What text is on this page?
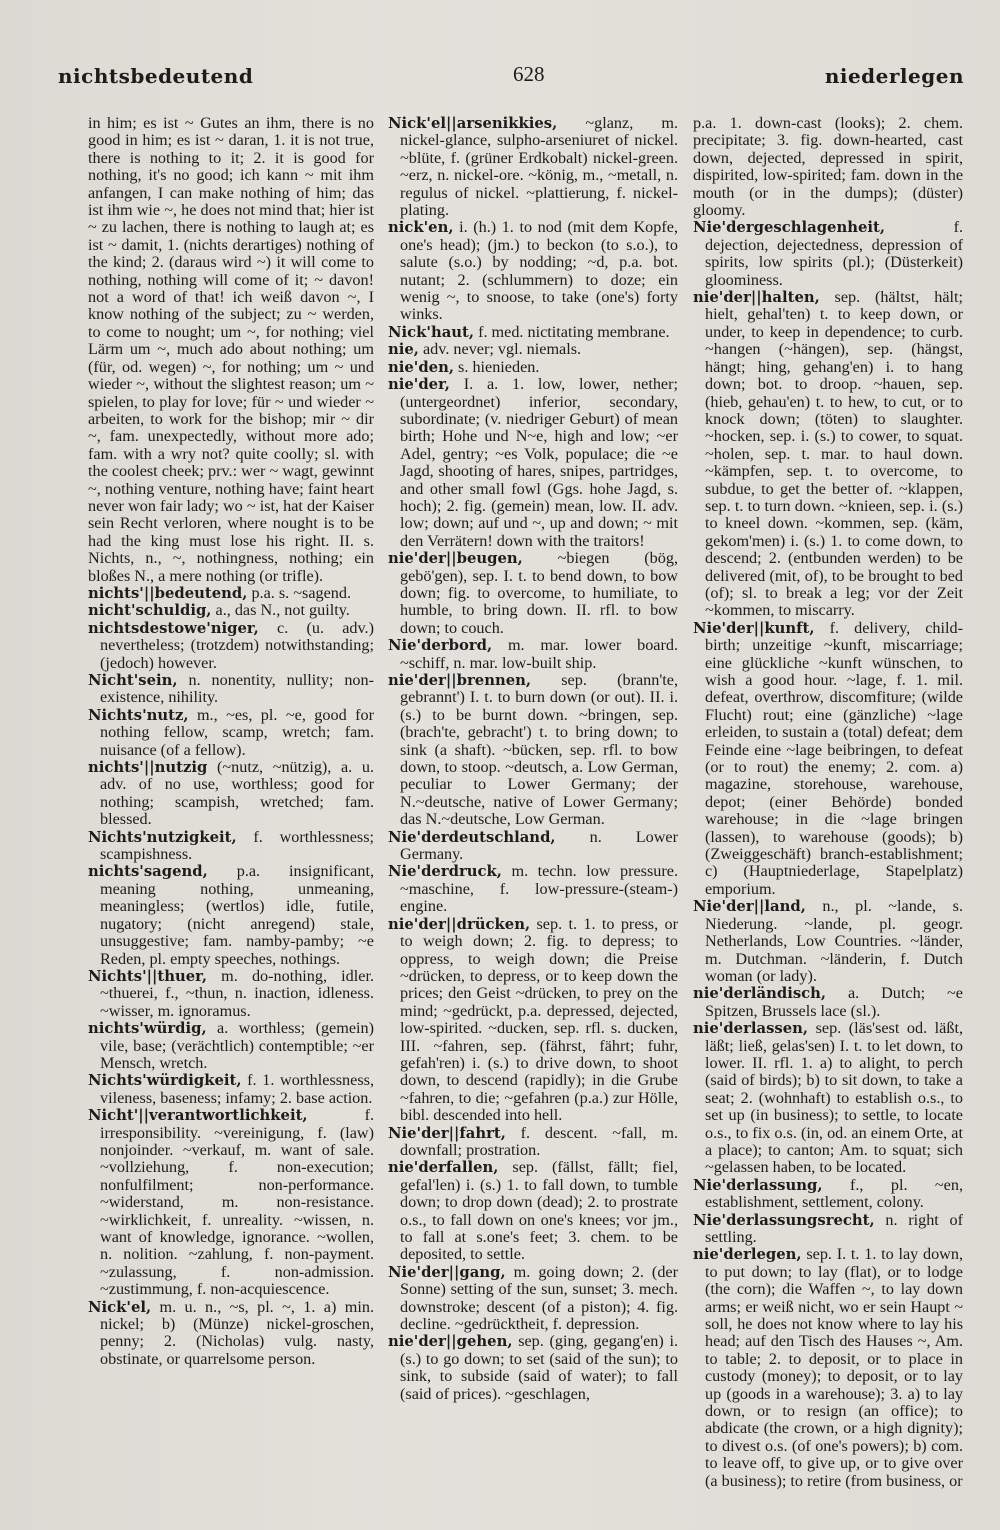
nichtsbedeutend	628	niederlegen

in him; es ist ~ Gutes an ihm, there is no good in him; es ist ~ daran, 1. it is not true, there is nothing to it; 2. it is good for nothing, it's no good; ich kann ~ mit ihm anfangen, I can make nothing of him; das ist ihm wie ~, he does not mind that; hier ist ~ zu lachen, there is nothing to laugh at; es ist ~ damit, 1. (nichts derartiges) nothing of the kind; 2. (daraus wird ~) it will come to nothing, nothing will come of it; ~ davon! not a word of that! ich weiß davon ~, I know nothing of the subject; zu ~ werden, to come to nought; um ~, for nothing; viel Lärm um ~, much ado about nothing; um (für, od. wegen) ~, for nothing; um ~ und wieder ~, without the slightest reason; um ~ spielen, to play for love; für ~ und wieder ~ arbeiten, to work for the bishop; mir ~ dir ~, fam. unexpectedly, without more ado; fam. with a wry not? quite coolly; sl. with the coolest cheek; prv.: wer ~ wagt, gewinnt ~, nothing venture, nothing have; faint heart never won fair lady; wo ~ ist, hat der Kaiser sein Recht verloren, where nought is to be had the king must lose his right. II. s. Nichts, n., ~, nothingness, nothing; ein bloßes N., a mere nothing (or trifle).

nichts'||bedeutend, p.a. s. ~sagend.

nicht'schuldig, a., das N., not guilty.

nichtsdestowe'niger, c. (u. adv.) nevertheless; (trotzdem) notwithstanding; (jedoch) however.

Nicht'sein, n. nonentity, nullity; non-existence, nihility.

Nichts'nutz, m., ~es, pl. ~e, good for nothing fellow, scamp, wretch; fam. nuisance (of a fellow).

nichts'||nutzig (~nutz, ~nützig), a. u. adv. of no use, worthless; good for nothing; scampish, wretched; fam. blessed.

Nichts'nutzigkeit, f. worthlessness; scampishness.

nichts'sagend, p.a. insignificant, meaning nothing, unmeaning, meaningless; (wertlos) idle, futile, nugatory; (nicht anregend) stale, unsuggestive; fam. namby-pamby; ~e Reden, pl. empty speeches, nothings.

Nichts'||thuer, m. do-nothing, idler. ~thuerei, f., ~thun, n. inaction, idleness. ~wisser, m. ignoramus.

nichts'würdig, a. worthless; (gemein) vile, base; (verächtlich) contemptible; ~er Mensch, wretch.

Nichts'würdigkeit, f. 1. worthlessness, vileness, baseness; infamy; 2. base action.

Nicht'||verantwortlichkeit, f. irresponsibility. ~vereinigung, f. (law) nonjoinder. ~verkauf, m. want of sale. ~vollziehung, f. non-execution; nonfulfilment; non-performance. ~widerstand, m. non-resistance. ~wirklichkeit, f. unreality. ~wissen, n. want of knowledge, ignorance. ~wollen, n. nolition. ~zahlung, f. non-payment. ~zulassung, f. non-admission. ~zustimmung, f. non-acquiescence.

Nick'el, m. u. n., ~s, pl. ~, 1. a) min. nickel; b) (Münze) nickel-groschen, penny; 2. (Nicholas) vulg. nasty, obstinate, or quarrelsome person.

Nick'el||arsenikkies, ~glanz, m. nickel-glance, sulpho-arseniuret of nickel. ~blüte, f. (grüner Erdkobalt) nickel-green. ~erz, n. nickel-ore. ~könig, m., ~metall, n. regulus of nickel. ~plattierung, f. nickel-plating.

nick'en, i. (h.) 1. to nod (mit dem Kopfe, one's head); (jm.) to beckon (to s.o.), to salute (s.o.) by nodding; ~d, p.a. bot. nutant; 2. (schlummern) to doze; ein wenig ~, to snoose, to take (one's) forty winks.

Nick'haut, f. med. nictitating membrane.

nie, adv. never; vgl. niemals.

nie'den, s. hienieden.

nie'der, I. a. 1. low, lower, nether; (untergeordnet) inferior, secondary, subordinate; (v. niedriger Geburt) of mean birth; Hohe und N~e, high and low; ~er Adel, gentry; ~es Volk, populace; die ~e Jagd, shooting of hares, snipes, partridges, and other small fowl (Ggs. hohe Jagd, s. hoch); 2. fig. (gemein) mean, low. II. adv. low; down; auf und ~, up and down; ~ mit den Verrätern! down with the traitors!

nie'der||beugen, ~biegen (bög, gebö'gen), sep. I. t. to bend down, to bow down; fig. to overcome, to humiliate, to humble, to bring down. II. rfl. to bow down; to couch.

Nie'derbord, m. mar. lower board. ~schiff, n. mar. low-built ship.

nie'der||brennen, sep. (brann'te, gebrannt') I. t. to burn down (or out). II. i. (s.) to be burnt down. ~bringen, sep. (brach'te, gebracht') t. to bring down; to sink (a shaft). ~bücken, sep. rfl. to bow down, to stoop. ~deutsch, a. Low German, peculiar to Lower Germany; der N.~deutsche, native of Lower Germany; das N.~deutsche, Low German.

Nie'derdeutschland, n. Lower Germany.

Nie'derdruck, m. techn. low pressure. ~maschine, f. low-pressure-(steam-) engine.

nie'der||drücken, sep. t. 1. to press, or to weigh down; 2. fig. to depress; to oppress, to weigh down; die Preise ~drücken, to depress, or to keep down the prices; den Geist ~drücken, to prey on the mind; ~gedrückt, p.a. depressed, dejected, low-spirited. ~ducken, sep. rfl. s. ducken, III. ~fahren, sep. (fährst, fährt; fuhr, gefah'ren) i. (s.) to drive down, to shoot down, to descend (rapidly); in die Grube ~fahren, to die; ~gefahren (p.a.) zur Hölle, bibl. descended into hell.

Nie'der||fahrt, f. descent. ~fall, m. downfall; prostration.

nie'derfallen, sep. (fällst, fällt; fiel, gefal'len) i. (s.) 1. to fall down, to tumble down; to drop down (dead); 2. to prostrate o.s., to fall down on one's knees; vor jm., to fall at s.one's feet; 3. chem. to be deposited, to settle.

Nie'der||gang, m. going down; 2. (der Sonne) setting of the sun, sunset; 3. mech. downstroke; descent (of a piston); 4. fig. decline. ~gedrücktheit, f. depression.

nie'der||gehen, sep. (ging, gegang'en) i. (s.) to go down; to set (said of the sun); to sink, to subside (said of water); to fall (said of prices). ~geschlagen,

p.a. 1. down-cast (looks); 2. chem. precipitate; 3. fig. down-hearted, cast down, dejected, depressed in spirit, dispirited, low-spirited; fam. down in the mouth (or in the dumps); (düster) gloomy.

Nie'dergeschlagenheit, f. dejection, dejectedness, depression of spirits, low spirits (pl.); (Düsterkeit) gloominess.

nie'der||halten, sep. (hältst, hält; hielt, gehal'ten) t. to keep down, or under, to keep in dependence; to curb. ~hangen (~hängen), sep. (hängst, hängt; hing, gehang'en) i. to hang down; bot. to droop. ~hauen, sep. (hieb, gehau'en) t. to hew, to cut, or to knock down; (töten) to slaughter. ~hocken, sep. i. (s.) to cower, to squat. ~holen, sep. t. mar. to haul down. ~kämpfen, sep. t. to overcome, to subdue, to get the better of. ~klappen, sep. t. to turn down. ~knieen, sep. i. (s.) to kneel down. ~kommen, sep. (käm, gekom'men) i. (s.) 1. to come down, to descend; 2. (entbunden werden) to be delivered (mit, of), to be brought to bed (of); sl. to break a leg; vor der Zeit ~kommen, to miscarry.

Nie'der||kunft, f. delivery, child-birth; unzeitige ~kunft, miscarriage; eine glückliche ~kunft wünschen, to wish a good hour. ~lage, f. 1. mil. defeat, overthrow, discomfiture; (wilde Flucht) rout; eine (gänzliche) ~lage erleiden, to sustain a (total) defeat; dem Feinde eine ~lage beibringen, to defeat (or to rout) the enemy; 2. com. a) magazine, storehouse, warehouse, depot; (einer Behörde) bonded warehouse; in die ~lage bringen (lassen), to warehouse (goods); b) (Zweiggeschäft) branch-establishment; c) (Hauptniederlage, Stapelplatz) emporium.

Nie'der||land, n., pl. ~lande, s. Niederung. ~lande, pl. geogr. Netherlands, Low Countries. ~länder, m. Dutchman. ~länderin, f. Dutch woman (or lady).

nie'derländisch, a. Dutch; ~e Spitzen, Brussels lace (sl.).

nie'derlassen, sep. (läs'sest od. läßt, läßt; ließ, gelas'sen) I. t. to let down, to lower. II. rfl. 1. a) to alight, to perch (said of birds); b) to sit down, to take a seat; 2. (wohnhaft) to establish o.s., to set up (in business); to settle, to locate o.s., to fix o.s. (in, od. an einem Orte, at a place); to canton; Am. to squat; sich ~gelassen haben, to be located.

Nie'derlassung, f., pl. ~en, establishment, settlement, colony.

Nie'derlassungsrecht, n. right of settling.

nie'derlegen, sep. I. t. 1. to lay down, to put down; to lay (flat), or to lodge (the corn); die Waffen ~, to lay down arms; er weiß nicht, wo er sein Haupt ~ soll, he does not know where to lay his head; auf den Tisch des Hauses ~, Am. to table; 2. to deposit, or to place in custody (money); to deposit, or to lay up (goods in a warehouse); 3. a) to lay down, or to resign (an office); to abdicate (the crown, or a high dignity); to divest o.s. (of one's powers); b) com. to leave off, to give up, or to give over (a business); to retire (from business, or
